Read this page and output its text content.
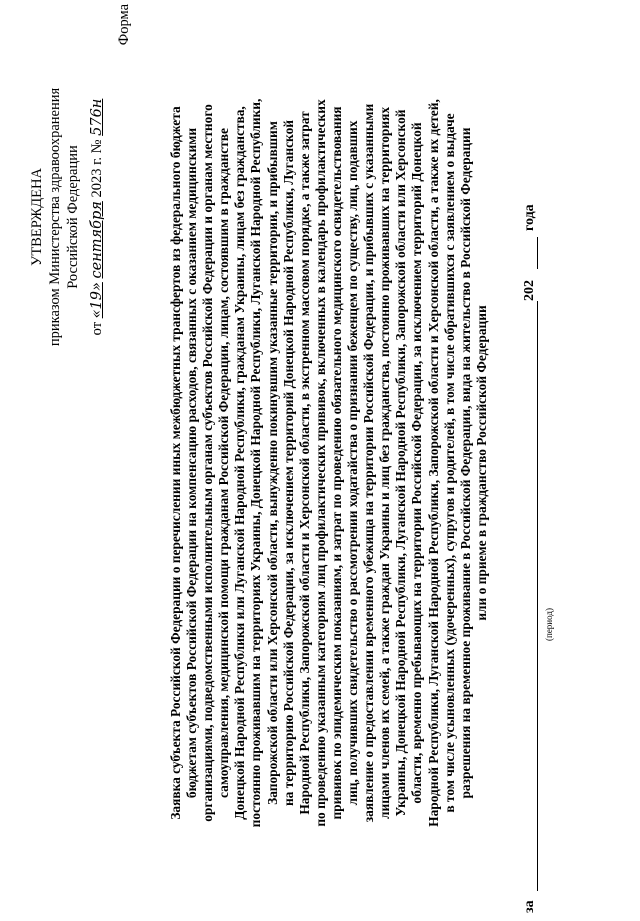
УТВЕРЖДЕНА приказом Министерства здравоохранения Российской Федерации
от «19» сентября 2023 г. № 576н
Форма

Заявка субъекта Российской Федерации о перечислении иных межбюджетных трансфертов из федерального бюджета бюджетам субъектов Российской Федерации на компенсацию расходов, связанных с оказанием медицинскими организациями, подведомственными исполнительным органам субъектов Российской Федерации и органам местного самоуправления, медицинской помощи гражданам Российской Федерации, лицам, состоявшим в гражданстве Донецкой Народной Республики или Луганской Народной Республики, гражданам Украины, лицам без гражданства, постоянно проживавшим на территориях Украины, Донецкой Народной Республики, Луганской Народной Республики, Запорожской области или Херсонской области, вынужденно покинувшим указанные территории, и прибывшим на территорию Российской Федерации, за исключением территорий Донецкой Народной Республики, Луганской Народной Республики, Запорожской области и Херсонской области, в экстренном массовом порядке, а также затрат по проведению указанным категориям лиц профилактических прививок, включенных в календарь профилактических прививок по эпидемическим показаниям, и затрат по проведению обязательного медицинского освидетельствования лиц, получивших свидетельство о рассмотрении ходатайства о признании беженцем по существу, лиц, подавших заявление о предоставлении временного убежища на территории Российской Федерации, и прибывших с указанными лицами членов их семей, а также граждан Украины и лиц без гражданства, постоянно проживавших на территориях Украины, Донецкой Народной Республики, Луганской Народной Республики, Запорожской области или Херсонской области, временно пребывающих на территории Российской Федерации, за исключением территорий Донецкой Народной Республики, Луганской Народной Республики, Запорожской области и Херсонской области, а также их детей, в том числе усыновленных (удочеренных), супругов и родителей, в том числе обратившихся с заявлением о выдаче разрешения на временное проживание в Российской Федерации, вида на жительство в Российской Федерации или о приеме в гражданство Российской Федерации

за
(период)
202
года
